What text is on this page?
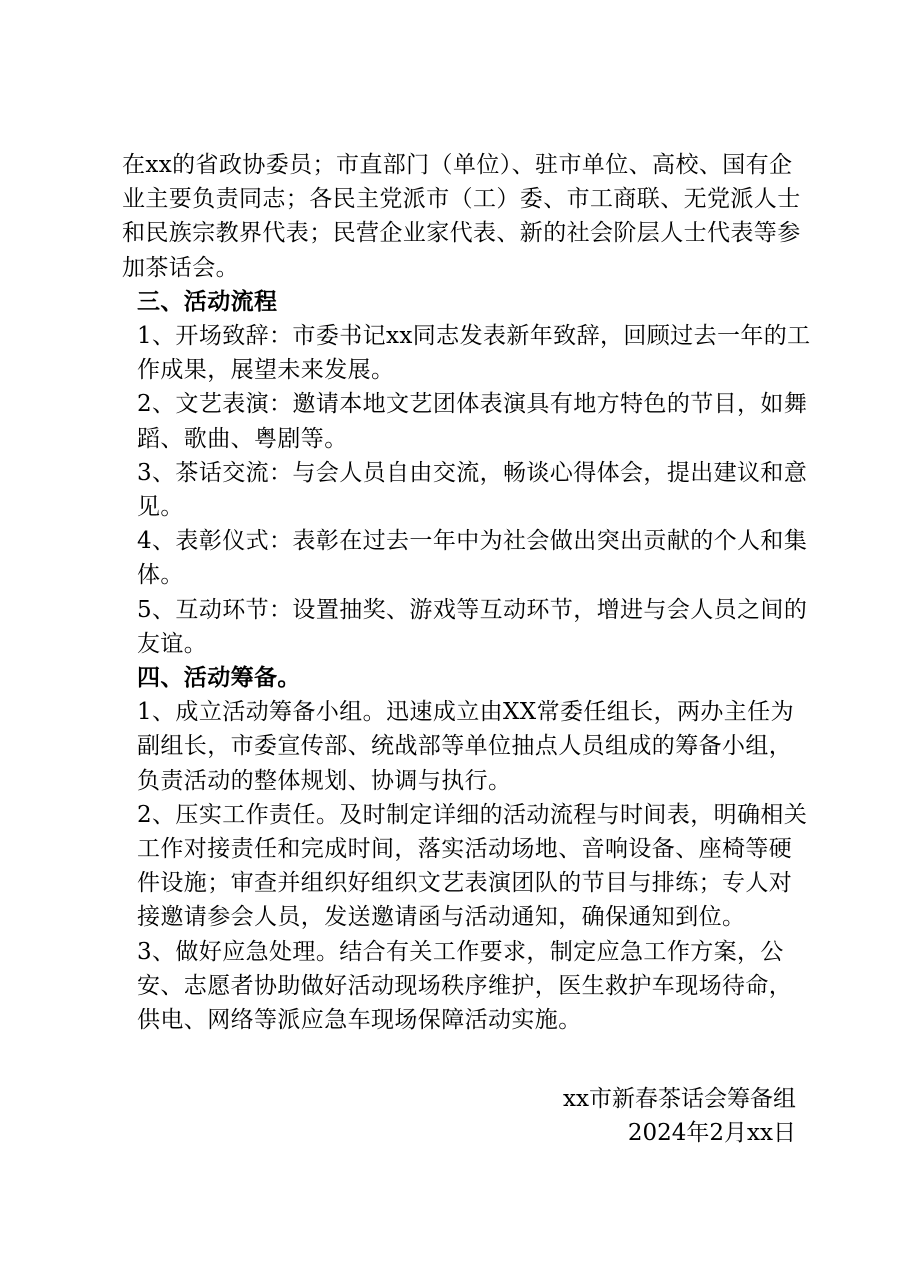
在xx的省政协委员；市直部门（单位）、驻市单位、高校、国有企业主要负责同志；各民主党派市（工）委、市工商联、无党派人士和民族宗教界代表；民营企业家代表、新的社会阶层人士代表等参加茶话会。

三、活动流程

1、开场致辞：市委书记xx同志发表新年致辞，回顾过去一年的工作成果，展望未来发展。

2、文艺表演：邀请本地文艺团体表演具有地方特色的节目，如舞蹈、歌曲、粤剧等。

3、茶话交流：与会人员自由交流，畅谈心得体会，提出建议和意见。

4、表彰仪式：表彰在过去一年中为社会做出突出贡献的个人和集体。

5、互动环节：设置抽奖、游戏等互动环节，增进与会人员之间的友谊。

四、活动筹备。

1、成立活动筹备小组。迅速成立由XX常委任组长，两办主任为副组长，市委宣传部、统战部等单位抽点人员组成的筹备小组，负责活动的整体规划、协调与执行。

2、压实工作责任。及时制定详细的活动流程与时间表，明确相关工作对接责任和完成时间，落实活动场地、音响设备、座椅等硬件设施；审查并组织好组织文艺表演团队的节目与排练；专人对接邀请参会人员，发送邀请函与活动通知，确保通知到位。

3、做好应急处理。结合有关工作要求，制定应急工作方案，公安、志愿者协助做好活动现场秩序维护，医生救护车现场待命，供电、网络等派应急车现场保障活动实施。

xx市新春茶话会筹备组
2024年2月xx日
